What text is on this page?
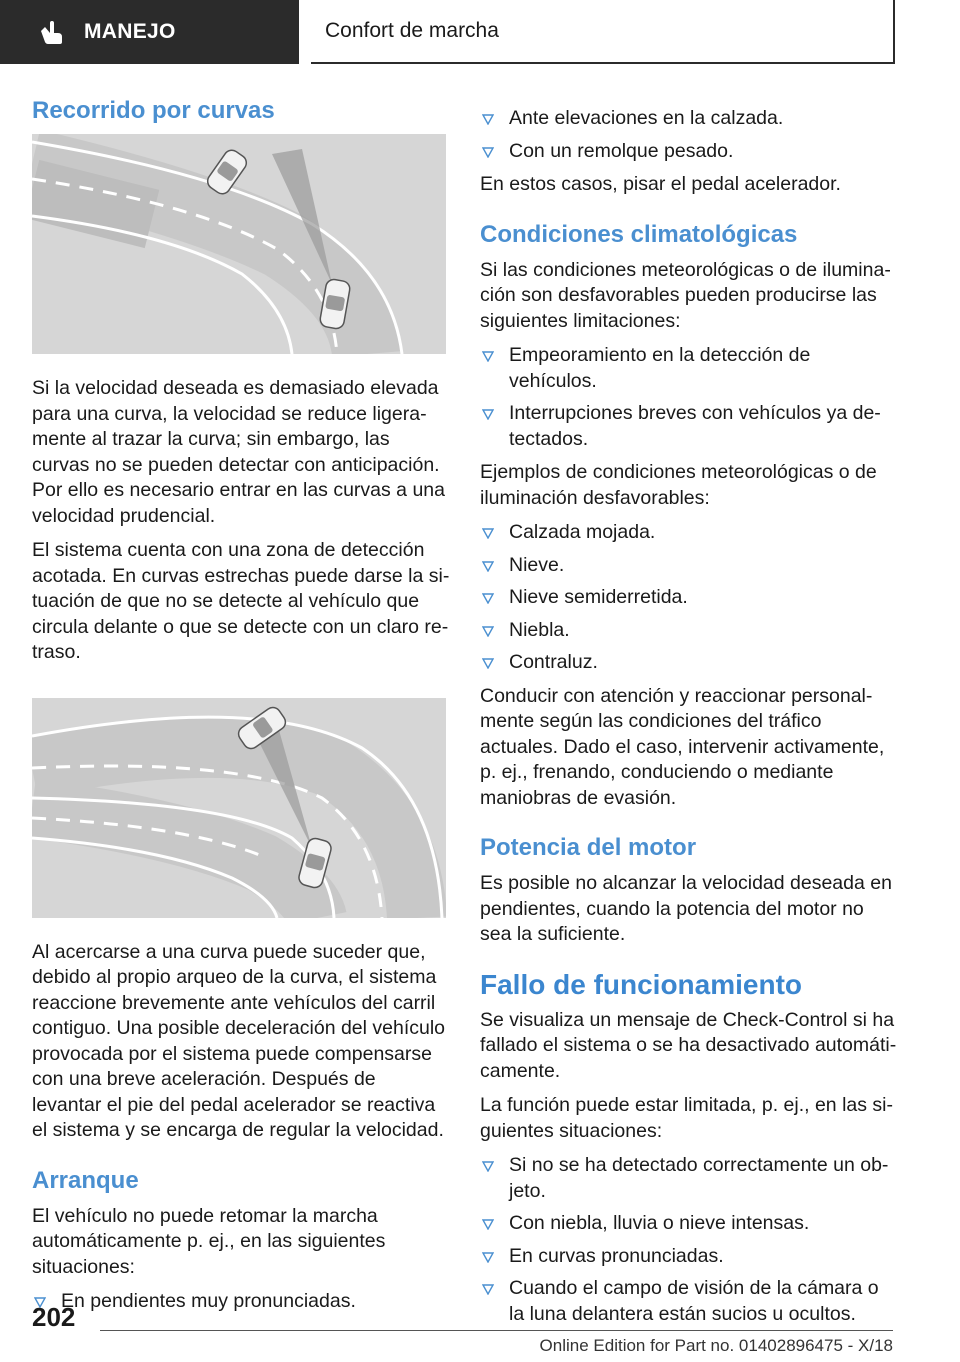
MANEJO	Confort de marcha
Recorrido por curvas

Si la velocidad deseada es demasiado elevada para una curva, la velocidad se reduce ligeramente al trazar la curva; sin embargo, las curvas no se pueden detectar con anticipación. Por ello es necesario entrar en las curvas a una velocidad prudencial.

El sistema cuenta con una zona de detección acotada. En curvas estrechas puede darse la situación de que no se detecte al vehículo que circula delante o que se detecte con un claro retraso.

Al acercarse a una curva puede suceder que, debido al propio arqueo de la curva, el sistema reaccione brevemente ante vehículos del carril contiguo. Una posible deceleración del vehículo provocada por el sistema puede compensarse con una breve aceleración. Después de levantar el pie del pedal acelerador se reactiva el sistema y se encarga de regular la velocidad.

Arranque

El vehículo no puede retomar la marcha automáticamente p. ej., en las siguientes situaciones:

En pendientes muy pronunciadas.
Ante elevaciones en la calzada.
Con un remolque pesado.

En estos casos, pisar el pedal acelerador.

Condiciones climatológicas

Si las condiciones meteorológicas o de iluminación son desfavorables pueden producirse las siguientes limitaciones:

Empeoramiento en la detección de vehículos.
Interrupciones breves con vehículos ya detectados.

Ejemplos de condiciones meteorológicas o de iluminación desfavorables:

Calzada mojada.
Nieve.
Nieve semiderretida.
Niebla.
Contraluz.

Conducir con atención y reaccionar personalmente según las condiciones del tráfico actuales. Dado el caso, intervenir activamente, p. ej., frenando, conduciendo o mediante maniobras de evasión.

Potencia del motor

Es posible no alcanzar la velocidad deseada en pendientes, cuando la potencia del motor no sea la suficiente.

Fallo de funcionamiento

Se visualiza un mensaje de Check-Control si ha fallado el sistema o se ha desactivado automáticamente.

La función puede estar limitada, p. ej., en las siguientes situaciones:

Si no se ha detectado correctamente un objeto.
Con niebla, lluvia o nieve intensas.
En curvas pronunciadas.
Cuando el campo de visión de la cámara o la luna delantera están sucios u ocultos.
202
Online Edition for Part no. 01402896475 - X/18
